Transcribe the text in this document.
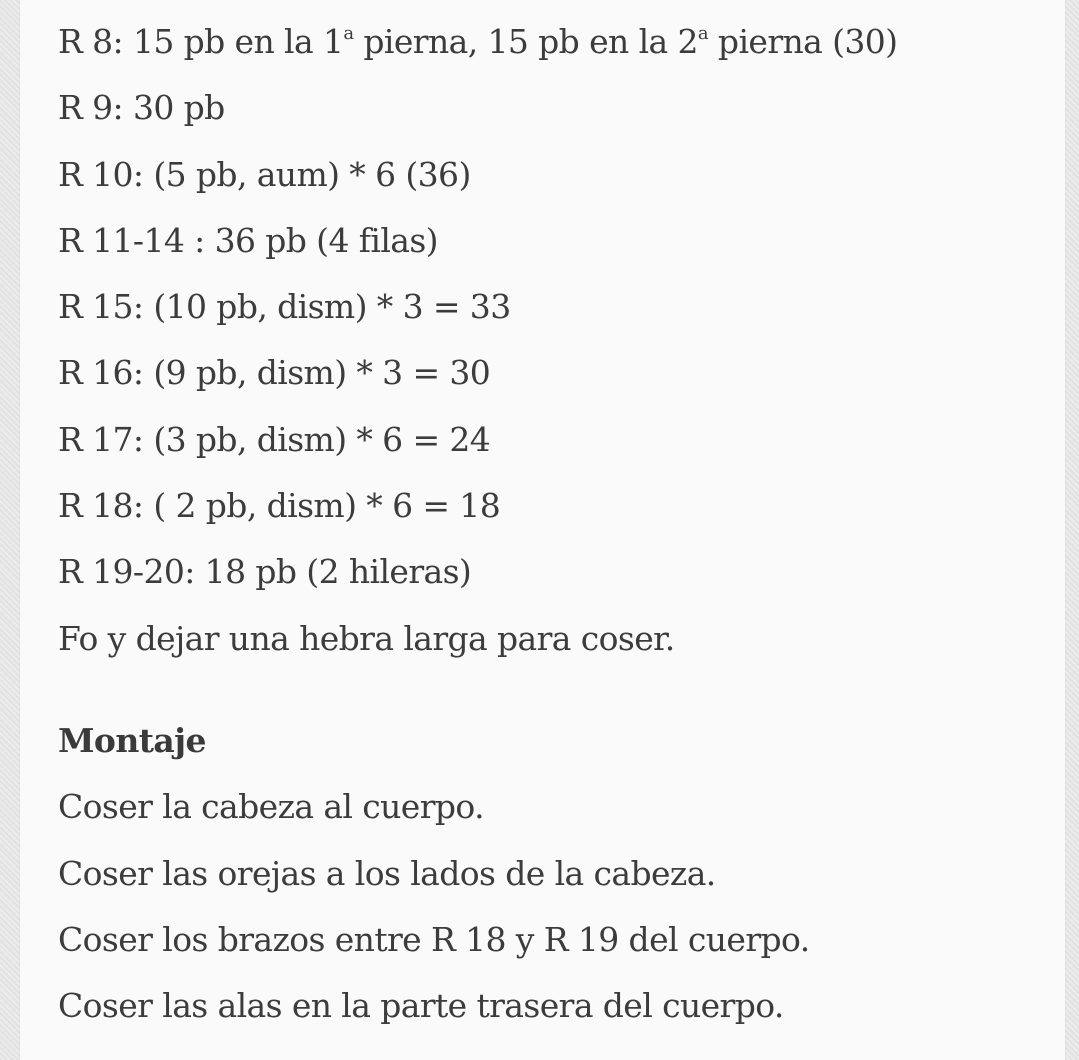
R 8: 15 pb en la 1$^a$ pierna, 15 pb en la 2$^a$ pierna (30)
R 9: 30 pb
R 10: (5 pb, aum) * 6 (36)
R 11-14 : 36 pb (4 filas)
R 15: (10 pb, dism) * 3 = 33
R 16: (9 pb, dism) * 3 = 30
R 17: (3 pb, dism) * 6 = 24
R 18: ( 2 pb, dism) * 6 = 18
R 19-20: 18 pb (2 hileras)
Fo y dejar una hebra larga para coser.
Montaje
Coser la cabeza al cuerpo.
Coser las orejas a los lados de la cabeza.
Coser los brazos entre R 18 y R 19 del cuerpo.
Coser las alas en la parte trasera del cuerpo.
